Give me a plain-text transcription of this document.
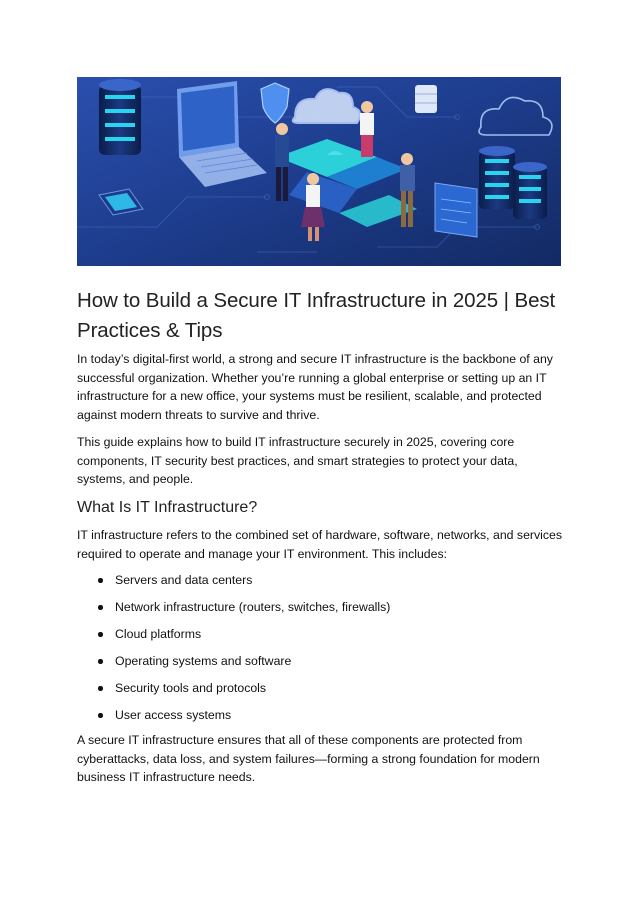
How to Build a Secure IT Infrastructure in 2025 | Best Practices & Tips

In today’s digital-first world, a strong and secure IT infrastructure is the backbone of any successful organization. Whether you’re running a global enterprise or setting up an IT infrastructure for a new office, your systems must be resilient, scalable, and protected against modern threats to survive and thrive.

This guide explains how to build IT infrastructure securely in 2025, covering core components, IT security best practices, and smart strategies to protect your data, systems, and people.

What Is IT Infrastructure?

IT infrastructure refers to the combined set of hardware, software, networks, and services required to operate and manage your IT environment. This includes:

Servers and data centers
Network infrastructure (routers, switches, firewalls)
Cloud platforms
Operating systems and software
Security tools and protocols
User access systems

A secure IT infrastructure ensures that all of these components are protected from cyberattacks, data loss, and system failures—forming a strong foundation for modern business IT infrastructure needs.
